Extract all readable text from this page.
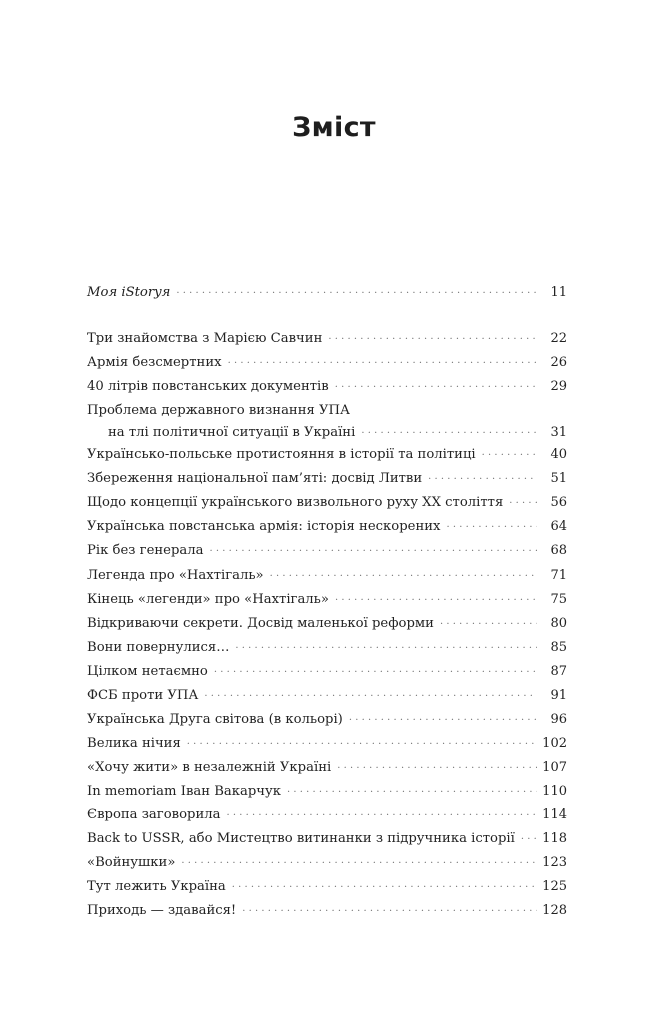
Зміст
Моя iStoryя ·····	11
Три знайомства з Марією Савчин ·····	22
Армія безсмертних ·····	26
40 літрів повстанських документів ·····	29
Проблема державного визнання УПА
на тлі політичної ситуації в Україні ·····	31
Українсько-польське протистояння в історії та політиці ·····	40
Збереження національної пам’яті: досвід Литви ·····	51
Щодо концепції українського визвольного руху XX століття ·····	56
Українська повстанська армія: історія нескорених ·····	64
Рік без генерала ·····	68
Легенда про «Нахтігаль» ·····	71
Кінець «легенди» про «Нахтігаль» ·····	75
Відкриваючи секрети. Досвід маленької реформи ·····	80
Вони повернулися… ·····	85
Цілком нетаємно ·····	87
ФСБ проти УПА ·····	91
Українська Друга світова (в кольорі) ·····	96
Велика нічия ·····	102
«Хочу жити» в незалежній Україні ·····	107
In memoriam Іван Вакарчук ·····	110
Європа заговорила ·····	114
Back to USSR, або Мистецтво витинанки з підручника історії ·····	118
«Войнушки» ·····	123
Тут лежить Україна ·····	125
Приходь — здавайся! ·····	128
